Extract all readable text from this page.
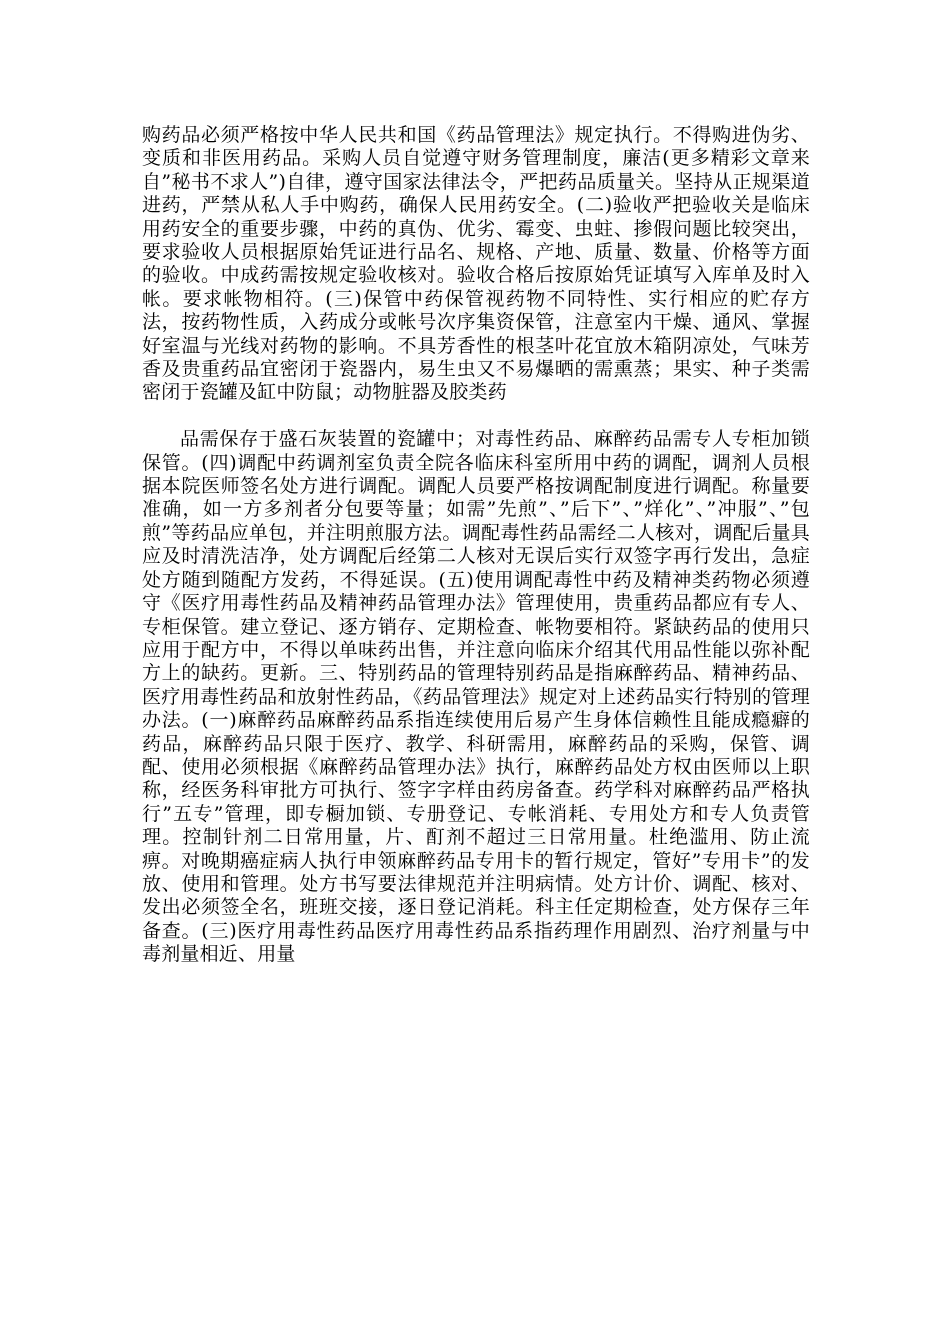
购药品必须严格按中华人民共和国《药品管理法》规定执行。不得购进伪劣、变质和非医用药品。采购人员自觉遵守财务管理制度，廉洁(更多精彩文章来自”秘书不求人”)自律，遵守国家法律法令，严把药品质量关。坚持从正规渠道进药，严禁从私人手中购药，确保人民用药安全。(二)验收严把验收关是临床用药安全的重要步骤，中药的真伪、优劣、霉变、虫蛀、掺假问题比较突出，要求验收人员根据原始凭证进行品名、规格、产地、质量、数量、价格等方面的验收。中成药需按规定验收核对。验收合格后按原始凭证填写入库单及时入帐。要求帐物相符。(三)保管中药保管视药物不同特性、实行相应的贮存方法，按药物性质，入药成分或帐号次序集资保管，注意室内干燥、通风、掌握好室温与光线对药物的影响。不具芳香性的根茎叶花宜放木箱阴凉处，气味芳香及贵重药品宜密闭于瓷器内，易生虫又不易爆晒的需熏蒸；果实、种子类需密闭于瓷罐及缸中防鼠；动物脏器及胶类药

品需保存于盛石灰装置的瓷罐中；对毒性药品、麻醉药品需专人专柜加锁保管。(四)调配中药调剂室负责全院各临床科室所用中药的调配，调剂人员根据本院医师签名处方进行调配。调配人员要严格按调配制度进行调配。称量要准确，如一方多剂者分包要等量；如需”先煎”、”后下”、”烊化”、”冲服”、”包煎”等药品应单包，并注明煎服方法。调配毒性药品需经二人核对，调配后量具应及时清洗洁净，处方调配后经第二人核对无误后实行双签字再行发出，急症处方随到随配方发药，不得延误。(五)使用调配毒性中药及精神类药物必须遵守《医疗用毒性药品及精神药品管理办法》管理使用，贵重药品都应有专人、专柜保管。建立登记、逐方销存、定期检查、帐物要相符。紧缺药品的使用只应用于配方中，不得以单味药出售，并注意向临床介绍其代用品性能以弥补配方上的缺药。更新。三、特别药品的管理特别药品是指麻醉药品、精神药品、医疗用毒性药品和放射性药品，《药品管理法》规定对上述药品实行特别的管理办法。(一)麻醉药品麻醉药品系指连续使用后易产生身体信赖性且能成瘾癖的药品，麻醉药品只限于医疗、教学、科研需用，麻醉药品的采购，保管、调配、使用必须根据《麻醉药品管理办法》执行，麻醉药品处方权由医师以上职称，经医务科审批方可执行、签字字样由药房备查。药学科对麻醉药品严格执行”五专”管理，即专橱加锁、专册登记、专帐消耗、专用处方和专人负责管理。控制针剂二日常用量，片、酊剂不超过三日常用量。杜绝滥用、防止流痹。对晚期癌症病人执行申领麻醉药品专用卡的暂行规定，管好”专用卡”的发放、使用和管理。处方书写要法律规范并注明病情。处方计价、调配、核对、发出必须签全名，班班交接，逐日登记消耗。科主任定期检查，处方保存三年备查。(三)医疗用毒性药品医疗用毒性药品系指药理作用剧烈、治疗剂量与中毒剂量相近、用量
